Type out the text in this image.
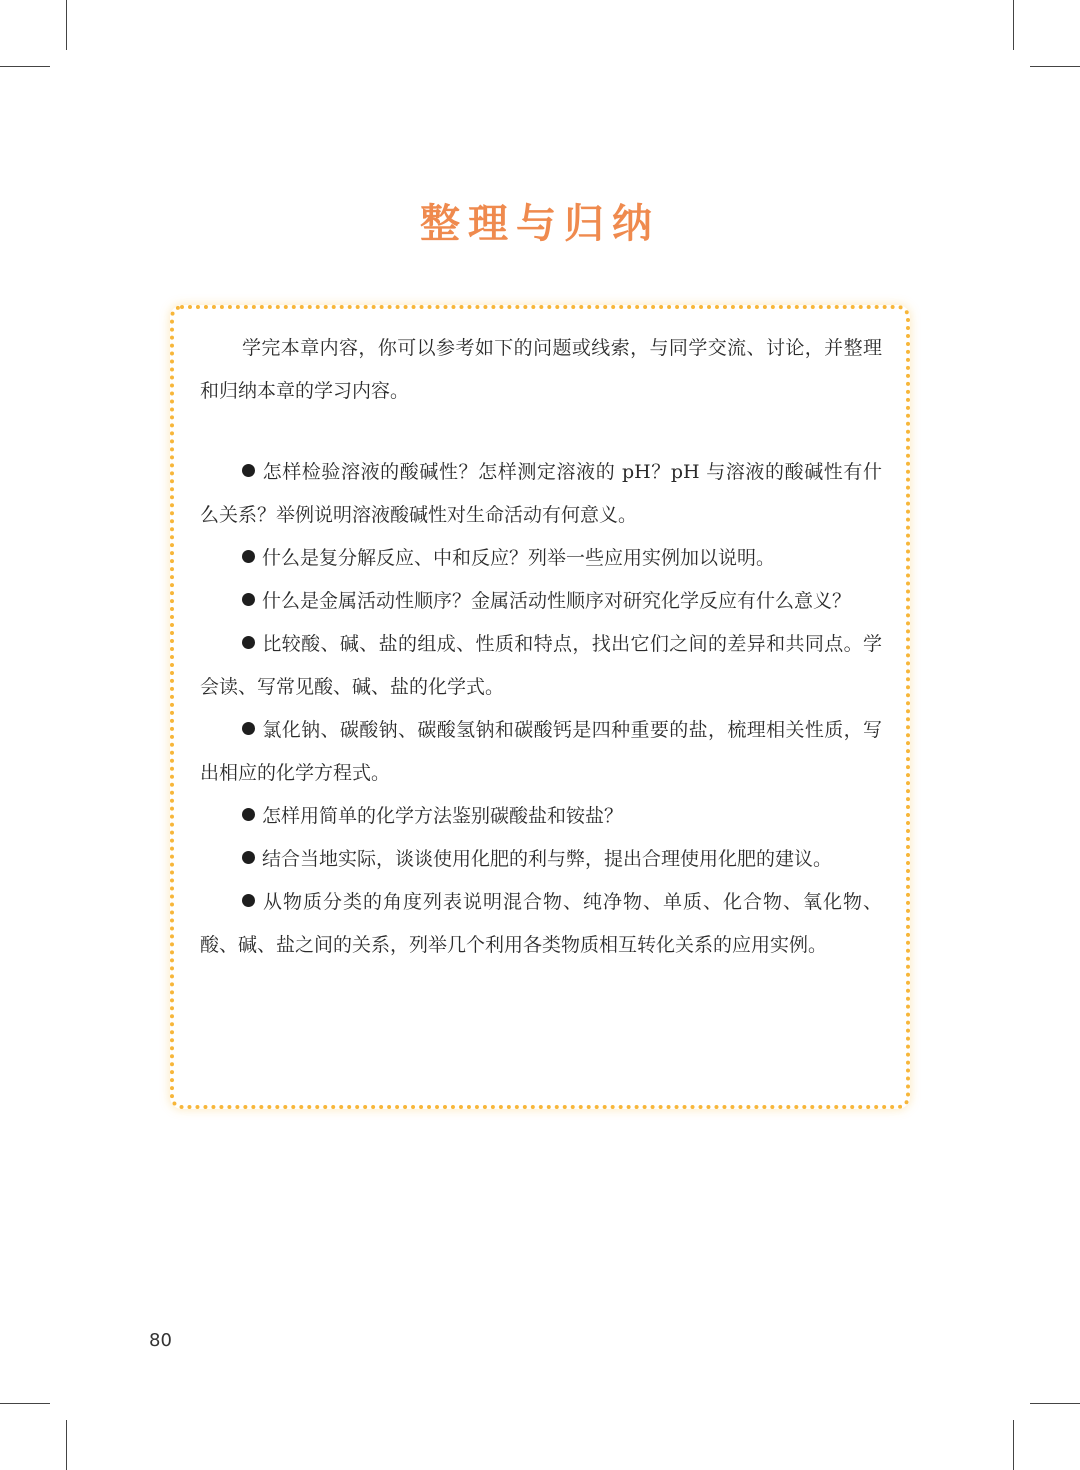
整理与归纳

学完本章内容，你可以参考如下的问题或线索，与同学交流、讨论，并整理和归纳本章的学习内容。

怎样检验溶液的酸碱性？怎样测定溶液的 pH？pH 与溶液的酸碱性有什么关系？举例说明溶液酸碱性对生命活动有何意义。
什么是复分解反应、中和反应？列举一些应用实例加以说明。
什么是金属活动性顺序？金属活动性顺序对研究化学反应有什么意义？
比较酸、碱、盐的组成、性质和特点，找出它们之间的差异和共同点。学会读、写常见酸、碱、盐的化学式。
氯化钠、碳酸钠、碳酸氢钠和碳酸钙是四种重要的盐，梳理相关性质，写出相应的化学方程式。
怎样用简单的化学方法鉴别碳酸盐和铵盐？
结合当地实际，谈谈使用化肥的利与弊，提出合理使用化肥的建议。
从物质分类的角度列表说明混合物、纯净物、单质、化合物、氧化物、酸、碱、盐之间的关系，列举几个利用各类物质相互转化关系的应用实例。
80
